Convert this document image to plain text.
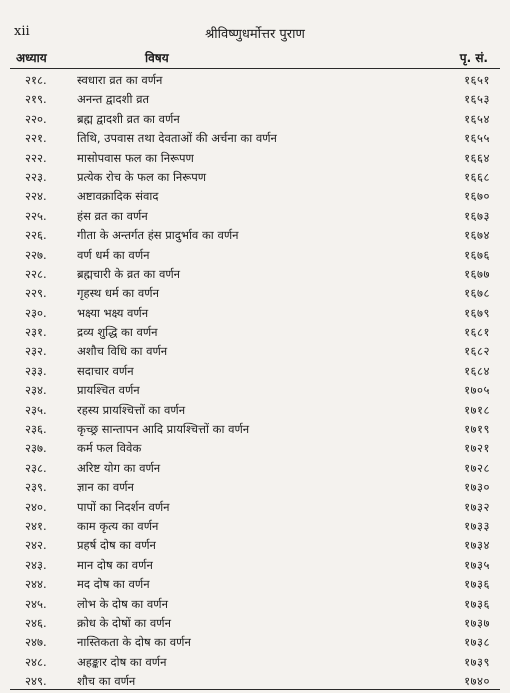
xii	श्रीविष्णुधर्मोत्तर पुराण
अध्याय	विषय	पृ. सं.
२१८.	स्वधारा व्रत का वर्णन	१६५१
२१९.	अनन्त द्वादशी व्रत	१६५३
२२०.	ब्रह्म द्वादशी व्रत का वर्णन	१६५४
२२१.	तिथि, उपवास तथा देवताओं की अर्चना का वर्णन	१६५५
२२२.	मासोपवास फल का निरूपण	१६६४
२२३.	प्रत्येक रोच के फल का निरूपण	१६६८
२२४.	अष्टावक्रादिक संवाद	१६७०
२२५.	हंस व्रत का वर्णन	१६७३
२२६.	गीता के अन्तर्गत हंस प्रादुर्भाव का वर्णन	१६७४
२२७.	वर्ण धर्म का वर्णन	१६७६
२२८.	ब्रह्मचारी के व्रत का वर्णन	१६७७
२२९.	गृहस्थ धर्म का वर्णन	१६७८
२३०.	भक्ष्या भक्ष्य वर्णन	१६७९
२३१.	द्रव्य शुद्धि का वर्णन	१६८१
२३२.	अशौच विधि का वर्णन	१६८२
२३३.	सदाचार वर्णन	१६८४
२३४.	प्रायश्चित वर्णन	१७०५
२३५.	रहस्य प्रायश्चित्तों का वर्णन	१७१८
२३६.	कृच्छ्र सान्तापन आदि प्रायश्चित्तों का वर्णन	१७१९
२३७.	कर्म फल विवेक	१७२१
२३८.	अरिष्ट योग का वर्णन	१७२८
२३९.	ज्ञान का वर्णन	१७३०
२४०.	पापों का निदर्शन वर्णन	१७३२
२४१.	काम कृत्य का वर्णन	१७३३
२४२.	प्रहर्ष दोष का वर्णन	१७३४
२४३.	मान दोष का वर्णन	१७३५
२४४.	मद दोष का वर्णन	१७३६
२४५.	लोभ के दोष का वर्णन	१७३६
२४६.	क्रोध के दोषों का वर्णन	१७३७
२४७.	नास्तिकता के दोष का वर्णन	१७३८
२४८.	अहङ्कार दोष का वर्णन	१७३९
२४९.	शौच का वर्णन	१७४०
